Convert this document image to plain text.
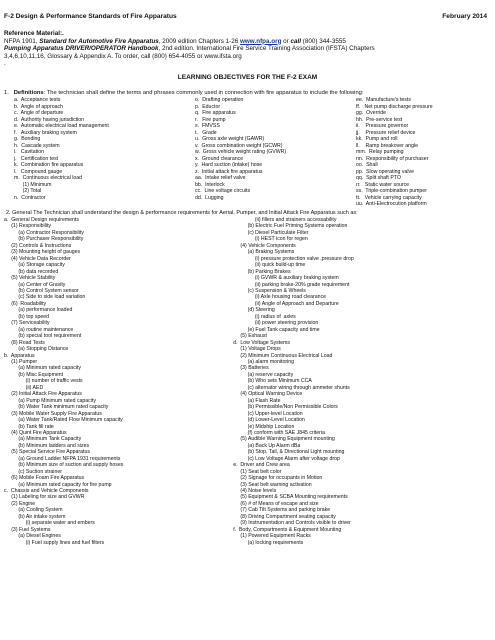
F-2 Design & Performance Standards of Fire Apparatus	February 2014
Reference Material:.
NFPA 1901, Standard for Automotive Fire Apparatus, 2009 edition Chapters 1-26 www.nfpa.org or call (800) 344-3555
Pumping Apparatus DRIVER/OPERATOR Handbook, 2nd edition. International Fire Service Training Association (IFSTA) Chapters
3,4,6,10,11,16, Glossary & Appendix A. To order, call (800) 654-4055 or www.ifsta.org
.
LEARNING OBJECTIVES FOR THE F-2 EXAM
1. Definitions: The technician shall define the terms and phrases commonly used in connection with fire apparatus to include the following:
a.  Acceptance tests
b.  Angle of approach
c.  Angle of departure
d.  Authority having jurisdiction
e.  Automatic electrical load management
f.   Auxiliary braking system
g.  Bonding
h.  Cascade system
i.   Cavitation
j.   Certification test
k.  Combination fire apparatus
l.   Compound gauge
m.  Continuous electrical load
(1) Minimum
(2) Total
n.  Contractor
o.  Drafting operation
p.  Eductor
q.  Fire apparatus
r.   Fire pump
s.  FMVSS
t.   Grade
u.  Gross axle weight (GAWR)
v.  Gross combination weight (GCWR)
w.  Gross vehicle weight rating (GVWR)
x.  Ground clearance
y.  Hard suction (intake) hose
z.  Initial attack fire apparatus
aa.  Intake relief valve
bb.  Interlock
cc.  Line voltage circuits
dd.  Lugging
ee.  Manufacture's tests
ff.   Net pump discharge pressure
gg.  Override
hh.  Pre-service test
ii.    Pressure governor
jj.    Pressure relief device
kk.  Pump and roll
ll.    Ramp breakover angle
mm.  Relay pumping
nn.  Responsibility of purchaser
oo.  Shall
pp.  Slow operating valve
qq.  Split shaft PTO
rr.   Static water source
ss.  Triple-combination pumper
tt.   Vehicle carrying capacity
uu.  Anti-Electrocution platform
2. General The Technician shall understand the design & performance requirements for Aerial, Pumper, and Initial Attack Fire Apparatus such as:
a.  General Design requirements
(1) Responsibility
(a) Contractor Responsibility
(b) Purchaser Responsibility
(2) Controls & Instructions
(3) Mounting height of gauges
(4) Vehicle Data Recorder
(a) Storage capacity
(b) data recorded
(5) Vehicle Stability
(a) Center of Gravity
(b) Control System sensor
(c) Side to side load variation
(6)  Roadability
(a) performance loaded
(b) top speed
(7) Serviceability
(a) routine maintenance
(b) special tool requirement
(8) Road Tests
(a) Stopping Distance
b.  Apparatus
(1) Pumper
(a) Minimum rated capacity
(b) Misc Equipment
(i) number of traffic vests
(ii) AED
(2) Initial Attack Fire Apparatus
(a) Pump Minimum rated capacity
(b) Water Tank minimum rated capacity
(3) Mobile Water Supply Fire Apparatus
(a) Water Tank/Rated Flow Minimum capacity
(b) Tank fill rate
(4) Quint Fire Apparatus
(a) Minimum Tank Capacity
(b) Minimum ladders and sizes
(5) Special Service Fire Apparatus
(a) Ground Ladder NFPA 1931 requirements
(b) Minimum size of suction and supply hoses
(c) Suction strainer
(6) Mobile Foam Fire Apparatus
(a) Minimum rated capacity for fire pump
c.  Chassis and Vehicle Components
(1) Labeling for size and GVWR
(2) Engine
(a) Cooling System
(b) Air intake system
(i) separate water and embers
(3) Fuel Systems
(a) Diesel Engines
(i) Fuel supply lines and fuel filters
(ii) fillers and strainers accessability
(b) Electric Fuel Priming Systems operation
(c) Diesel Particulate Filter
(i) HEST icon for regen
(4) Vehicle Components
(a) Braking Systems
(i) pressure protection valve ,pressure drop
(ii) quick build-up time
(b) Parking Brakes
(i) GVWR & auxiliary braking system
(ii) parking brake-20% grade requirement
(c) Suspension & Wheels
(i) Axle housing road clearance
(ii) Angle of Approach and Departure
(d) Steering
(i) radius of  axles
(ii) power steering provision
(e) Fuel Tank capacity and time
(5) Exhaust
d.  Low Voltage Systems
(1) Voltage Drops
(2) Minimum Continuous Electrical Load
(a) alarm monitoring
(3) Batteries
(a) reserve capacity
(b) Who sets Minimum CCA
(c) alternator wiring through ammeter shunts
(4) Optical Warning Device
(a) Flash Rate
(b) Permissible/Non Permissible Colors
(c) Upper-level Location
(d) Lower-Level Location
(e) Midship Location
(f) conform with SAE J845 criteria
(5) Audible Warning Equipment mounting
(a) Back Up Alarm dBa
(b) Stop, Tail, & Directional Light mounting
(c) Low Voltage Alarm after voltage drop
e.  Driver and Crew area
(1) Seat belt color
(2) Signage for occupants in Motion
(3) Seat belt warning activation
(4) Noise levels
(5) Equipment & SCBA Mounting requirements
(6) # of Means of escape and size
(7) Cab Tilt Systems and parking brake
(8) Driving Compartment seating capacity
(9) Instrumentation and Controls visible to driver
f.  Body, Compartments & Equipment Mounting
(1) Powered Equipment Racks
(a) locking requirements
